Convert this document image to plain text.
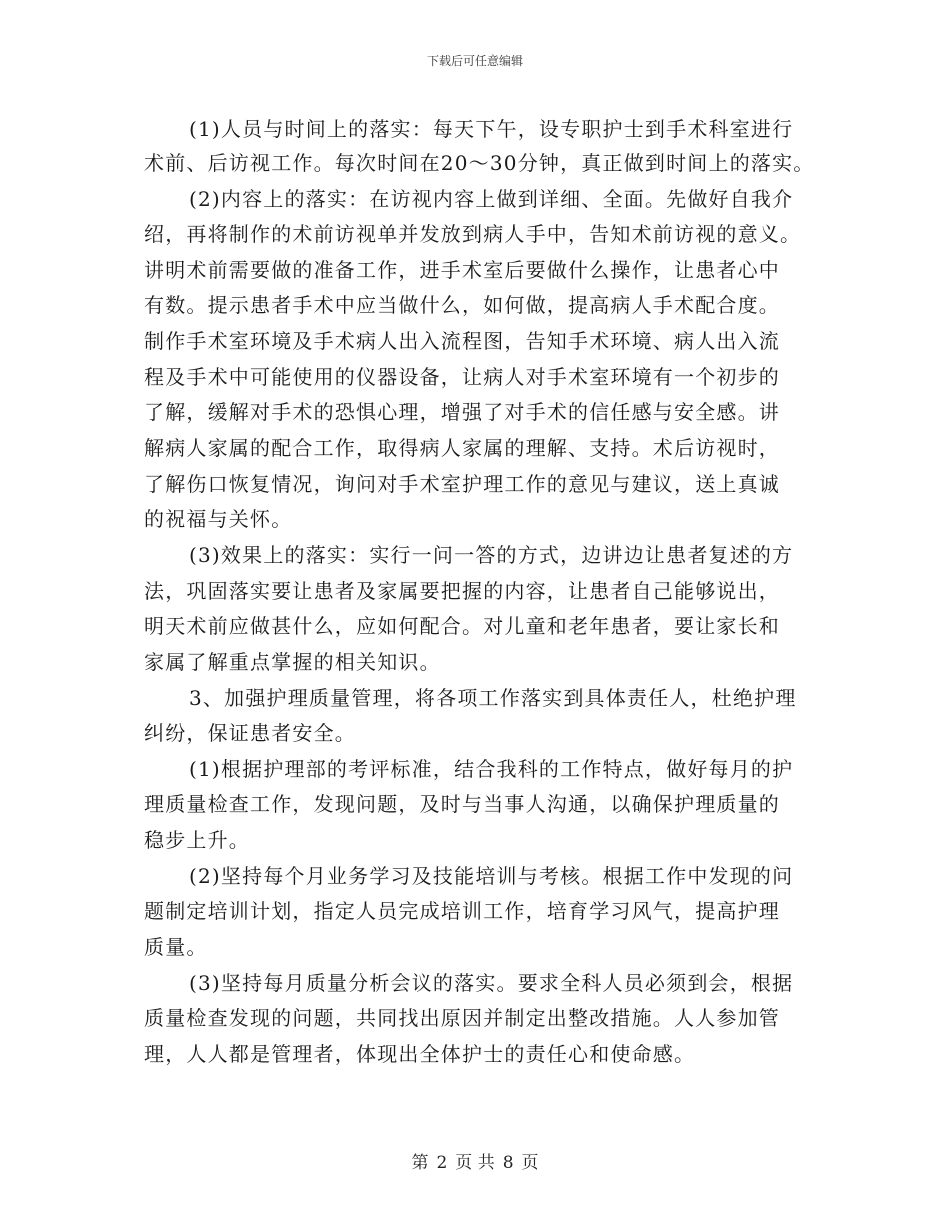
下载后可任意编辑
(1)人员与时间上的落实：每天下午，设专职护士到手术科室进行
术前、后访视工作。每次时间在20～30分钟，真正做到时间上的落实。
(2)内容上的落实：在访视内容上做到详细、全面。先做好自我介
绍，再将制作的术前访视单并发放到病人手中，告知术前访视的意义。
讲明术前需要做的准备工作，进手术室后要做什么操作，让患者心中
有数。提示患者手术中应当做什么，如何做，提高病人手术配合度。
制作手术室环境及手术病人出入流程图，告知手术环境、病人出入流
程及手术中可能使用的仪器设备，让病人对手术室环境有一个初步的
了解，缓解对手术的恐惧心理，增强了对手术的信任感与安全感。讲
解病人家属的配合工作，取得病人家属的理解、支持。术后访视时，
了解伤口恢复情况，询问对手术室护理工作的意见与建议，送上真诚
的祝福与关怀。
(3)效果上的落实：实行一问一答的方式，边讲边让患者复述的方
法，巩固落实要让患者及家属要把握的内容，让患者自己能够说出，
明天术前应做甚什么，应如何配合。对儿童和老年患者，要让家长和
家属了解重点掌握的相关知识。
3、加强护理质量管理，将各项工作落实到具体责任人，杜绝护理
纠纷，保证患者安全。
(1)根据护理部的考评标准，结合我科的工作特点，做好每月的护
理质量检查工作，发现问题，及时与当事人沟通，以确保护理质量的
稳步上升。
(2)坚持每个月业务学习及技能培训与考核。根据工作中发现的问
题制定培训计划，指定人员完成培训工作，培育学习风气，提高护理
质量。
(3)坚持每月质量分析会议的落实。要求全科人员必须到会，根据
质量检查发现的问题，共同找出原因并制定出整改措施。人人参加管
理，人人都是管理者，体现出全体护士的责任心和使命感。
第 2 页 共 8 页
